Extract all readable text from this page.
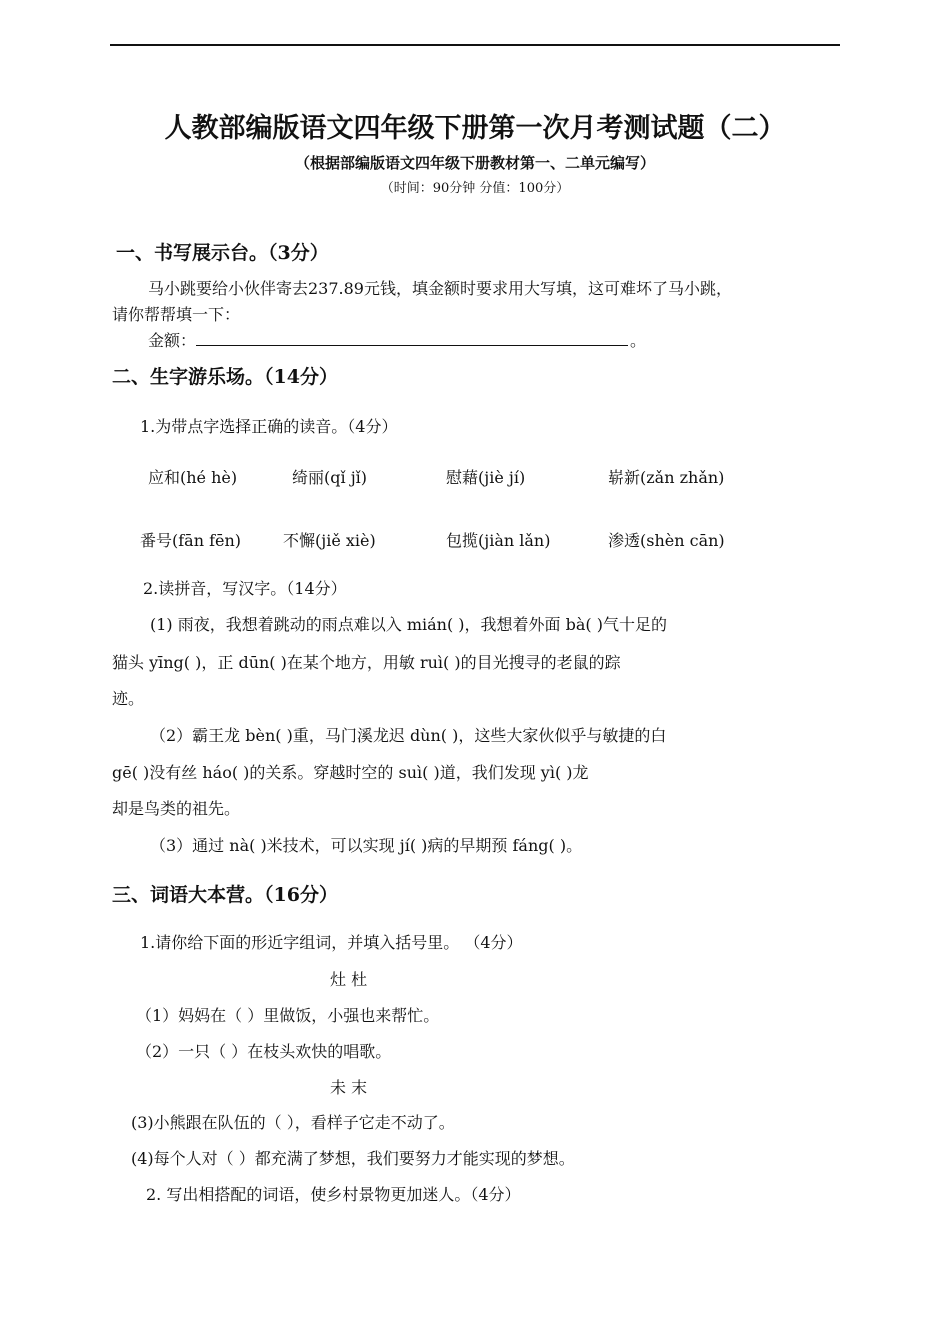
人教部编版语文四年级下册第一次月考测试题（二）
（根据部编版语文四年级下册教材第一、二单元编写）
（时间：90分钟 分值：100分）
一、书写展示台。（3分）
马小跳要给小伙伴寄去237.89元钱，填金额时要求用大写填，这可难坏了马小跳，
请你帮帮填一下：
金额：	。
二、生字游乐场。（14分）
1.为带点字选择正确的读音。（4分）
应和(hé hè)	绮丽(qǐ jǐ)	慰藉(jiè jí)	崭新(zǎn zhǎn)
番号(fān fēn)	不懈(jiě xiè)	包揽(jiàn lǎn)	渗透(shèn cān)
2.读拼音，写汉字。（14分）
(1) 雨夜，我想着跳动的雨点难以入 mián( )，我想着外面 bà( )气十足的
猫头 yīng( )，正 dūn( )在某个地方，用敏 ruì( )的目光搜寻的老鼠的踪
迹。
（2）霸王龙 bèn( )重，马门溪龙迟 dùn( )，这些大家伙似乎与敏捷的白
gē( )没有丝 háo( )的关系。穿越时空的 suì( )道，我们发现 yì( )龙
却是鸟类的祖先。
（3）通过 nà( )米技术，可以实现 jí( )病的早期预 fáng( )。
三、词语大本营。（16分）
1.请你给下面的形近字组词，并填入括号里。 （4分）
灶 杜
（1）妈妈在（ ）里做饭，小强也来帮忙。
（2）一只（ ）在枝头欢快的唱歌。
未 末
(3)小熊跟在队伍的（ ），看样子它走不动了。
(4)每个人对（ ）都充满了梦想，我们要努力才能实现的梦想。
2. 写出相搭配的词语，使乡村景物更加迷人。（4分）
